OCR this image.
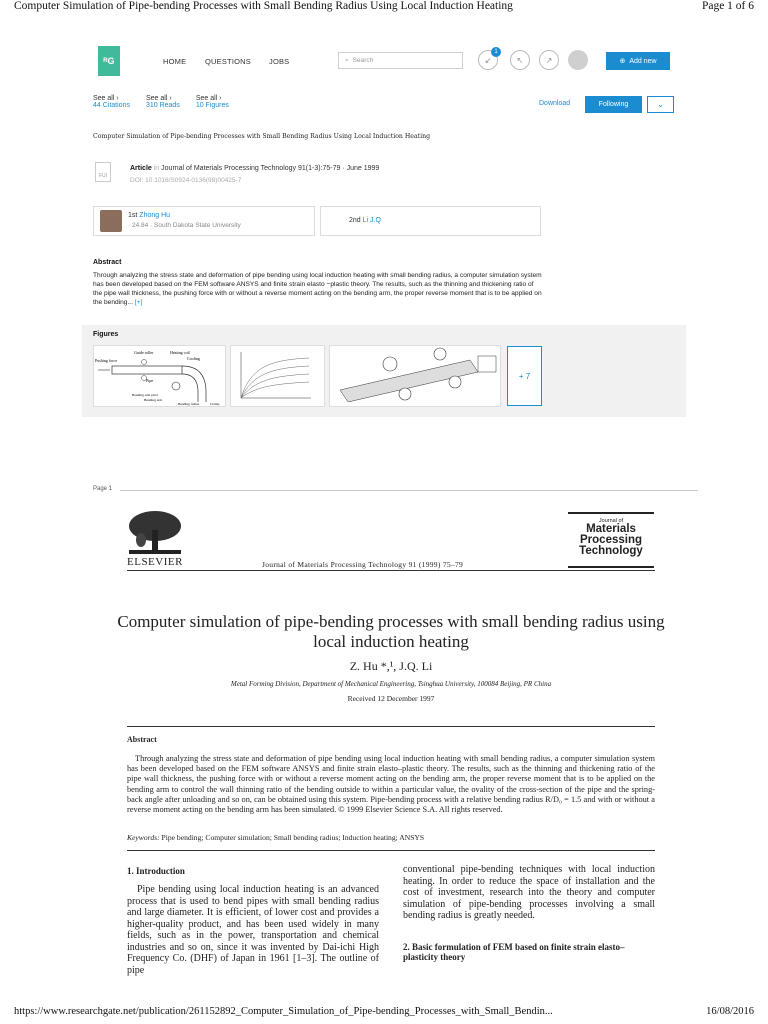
Computer Simulation of Pipe-bending Processes with Small Bending Radius Using Local Induction Heating	Page 1 of 6
ᴿG	HOME QUESTIONS JOBS	⌕ Search	↙
1
↖	↗	⊕ Add new
See all ›
44 Citations
See all ›
310 Reads
See all ›
10 Figures	Download	Following	⌄
Computer Simulation of Pipe-bending Processes with Small Bending Radius Using Local Induction Heating
FUI
Article in Journal of Materials Processing Technology 91(1-3):75-79 · June 1999
DOI: 10.1016/S0924-0136(98)00425-7
1st Zhong Hu
· 24.84 · South Dakota State University
2nd Li J.Q
Abstract
Through analyzing the stress state and deformation of pipe bending using local induction heating with small bending radius, a computer simulation system has been developed based on the FEM software ANSYS and finite strain elasto −plastic theory. The results, such as the thinning and thickening ratio of the pipe wall thickness, the pushing force with or without a reverse moment acting on the bending arm, the proper reverse moment that is to be applied on the bending... [+]
Figures
Guide roller	Heating coil
Pushing force	Cooling
Pipe
Bending arm pivot
Bending arm
Bending radius	Clamp
+ 7
Page 1
ELSEVIER	Journal of Materials Processing Technology 91 (1999) 75–79
Journal of
Materials
Processing
Technology
Computer simulation of pipe-bending processes with small bending radius using local induction heating
Z. Hu *,¹, J.Q. Li
Metal Forming Division, Department of Mechanical Engineering, Tsinghua University, 100084 Beijing, PR China
Received 12 December 1997
Abstract
Through analyzing the stress state and deformation of pipe bending using local induction heating with small bending radius, a computer simulation system has been developed based on the FEM software ANSYS and finite strain elasto–plastic theory. The results, such as the thinning and thickening ratio of the pipe wall thickness, the pushing force with or without a reverse moment acting on the bending arm, the proper reverse moment that is to be applied on the bending arm to control the wall thinning ratio of the bending outside to within a particular value, the ovality of the cross-section of the pipe and the spring-back angle after unloading and so on, can be obtained using this system. Pipe-bending process with a relative bending radius R/D₀ = 1.5 and with or without a reverse moment acting on the bending arm has been simulated. © 1999 Elsevier Science S.A. All rights reserved.
Keywords: Pipe bending; Computer simulation; Small bending radius; Induction heating; ANSYS
1. Introduction
Pipe bending using local induction heating is an advanced process that is used to bend pipes with small bending radius and large diameter. It is efficient, of lower cost and provides a higher-quality product, and has been used widely in many fields, such as in the power, transportation and chemical industries and so on, since it was invented by Dai-ichi High Frequency Co. (DHF) of Japan in 1961 [1–3]. The outline of pipe
conventional pipe-bending techniques with local induction heating. In order to reduce the space of installation and the cost of investment, research into the theory and computer simulation of pipe-bending processes involving a small bending radius is greatly needed.
2. Basic formulation of FEM based on finite strain elasto–plasticity theory
https://www.researchgate.net/publication/261152892_Computer_Simulation_of_Pipe-bending_Processes_with_Small_Bendin...	16/08/2016
